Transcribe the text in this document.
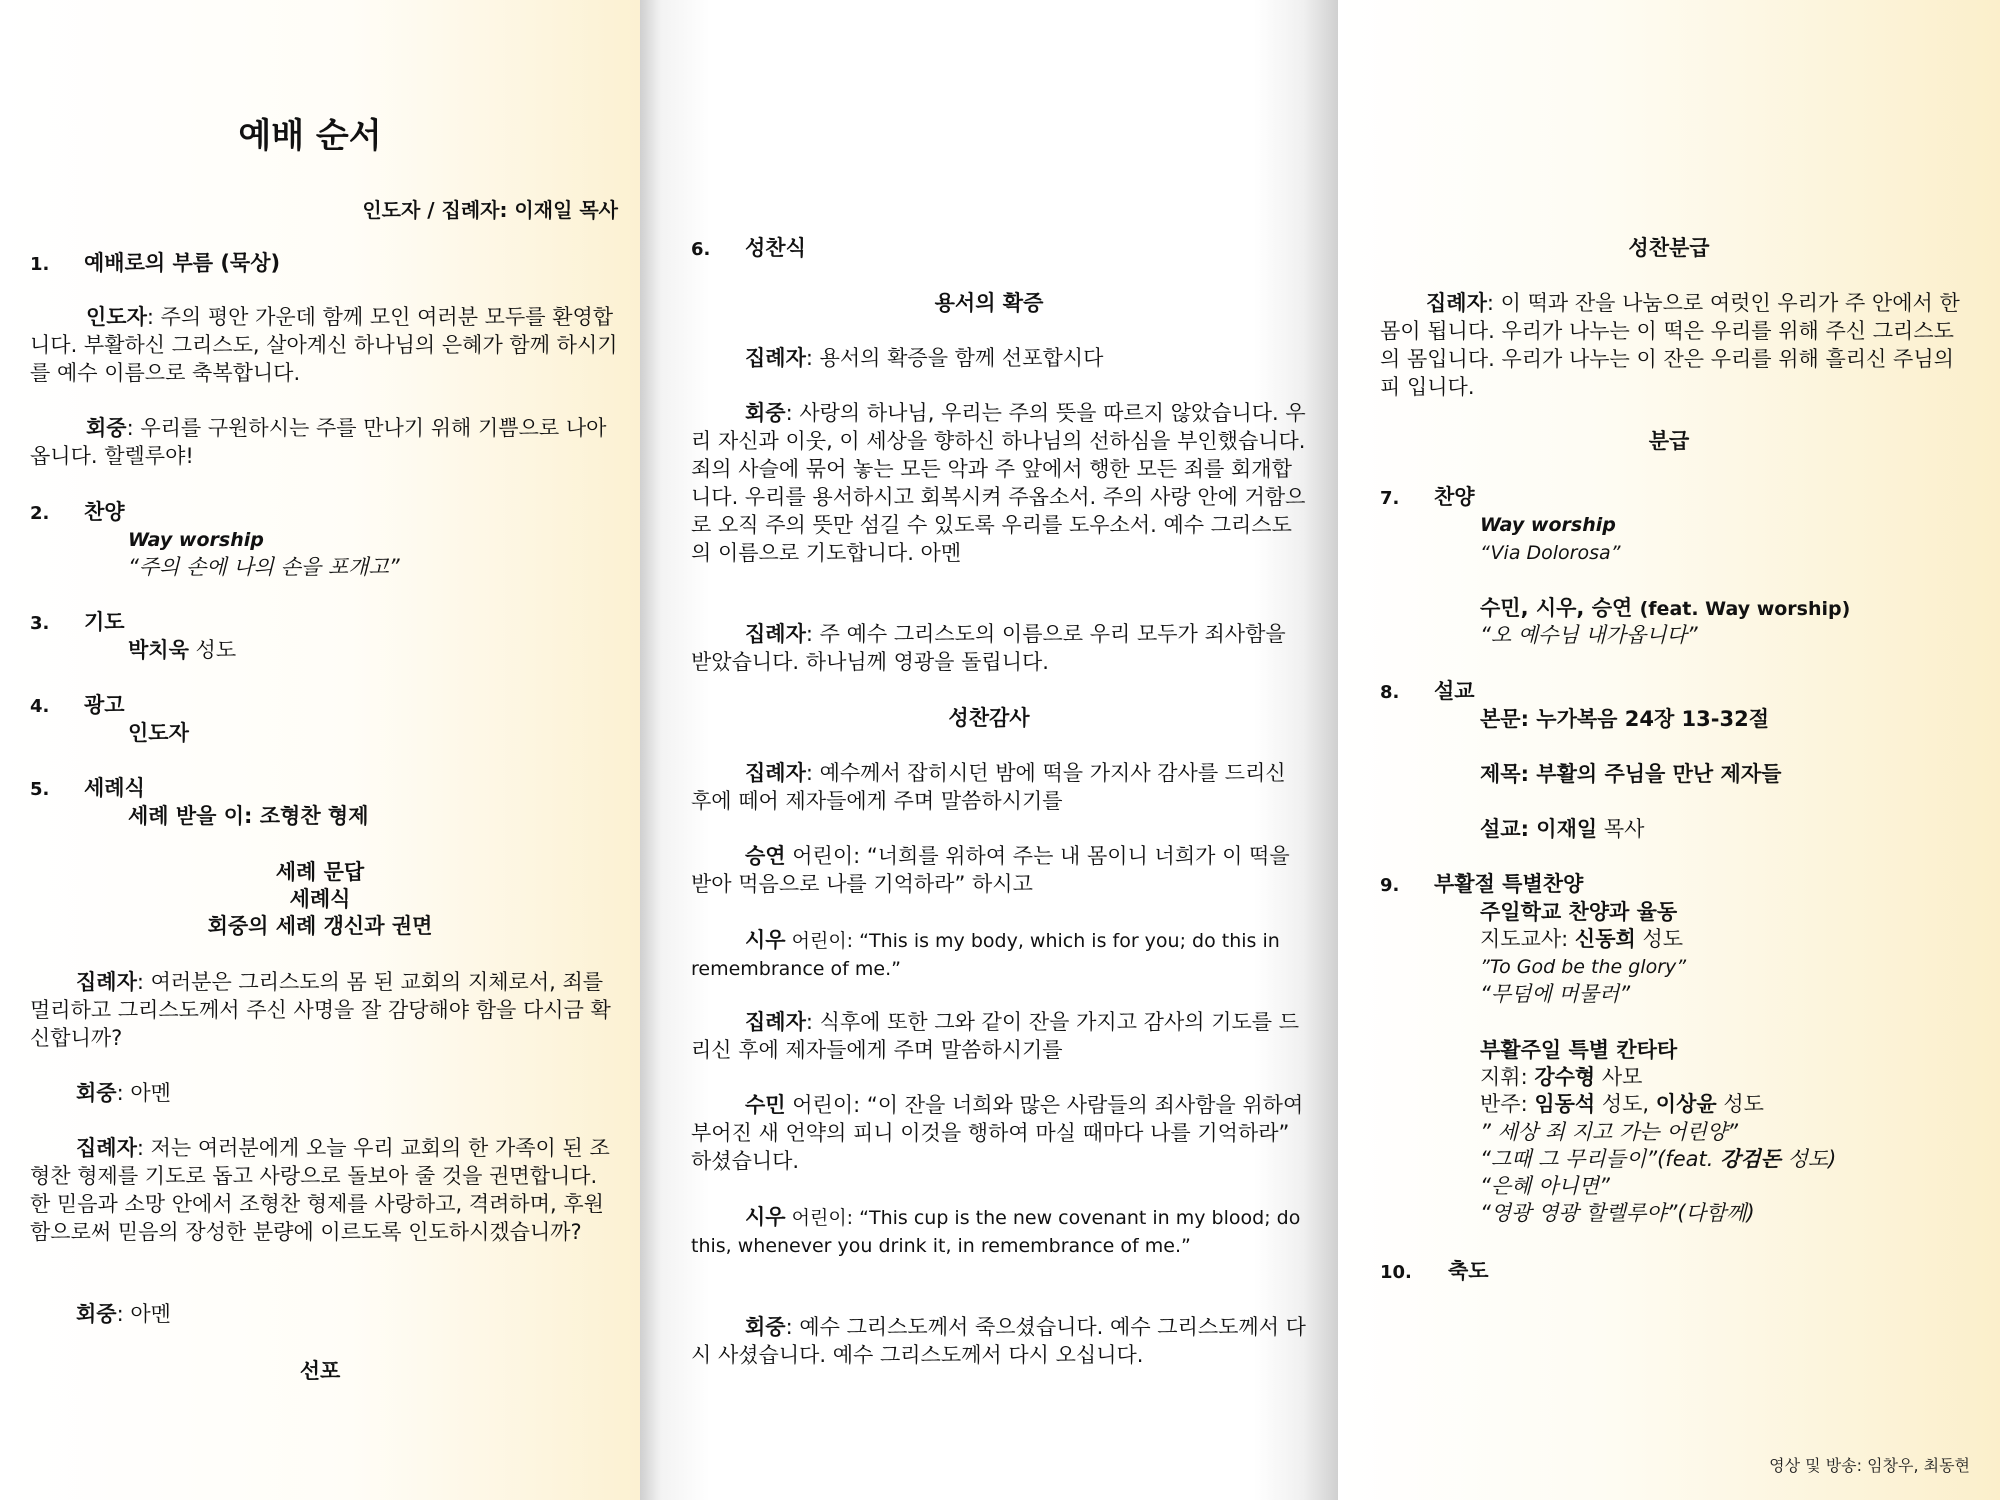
예배 순서
인도자 / 집례자: 이재일 목사
1. 예배로의 부름 (묵상)
인도자: 주의 평안 가운데 함께 모인 여러분 모두를 환영합니다. 부활하신 그리스도, 살아계신 하나님의 은혜가 함께 하시기를 예수 이름으로 축복합니다.
회중: 우리를 구원하시는 주를 만나기 위해 기쁨으로 나아옵니다. 할렐루야!
2. 찬양
Way worship
“주의 손에 나의 손을 포개고”
3. 기도
박치욱 성도
4. 광고
인도자
5. 세례식
세례 받을 이: 조형찬 형제
세례 문답
세례식
회중의 세례 갱신과 권면
집례자: 여러분은 그리스도의 몸 된 교회의 지체로서, 죄를 멀리하고 그리스도께서 주신 사명을 잘 감당해야 함을 다시금 확신합니까?
회중: 아멘
집례자: 저는 여러분에게 오늘 우리 교회의 한 가족이 된 조형찬 형제를 기도로 돕고 사랑으로 돌보아 줄 것을 권면합니다. 한 믿음과 소망 안에서 조형찬 형제를 사랑하고, 격려하며, 후원함으로써 믿음의 장성한 분량에 이르도록 인도하시겠습니까?
회중: 아멘
선포
6. 성찬식
용서의 확증
집례자: 용서의 확증을 함께 선포합시다
회중: 사랑의 하나님, 우리는 주의 뜻을 따르지 않았습니다. 우리 자신과 이웃, 이 세상을 향하신 하나님의 선하심을 부인했습니다. 죄의 사슬에 묶어 놓는 모든 악과 주 앞에서 행한 모든 죄를 회개합니다. 우리를 용서하시고 회복시켜 주옵소서. 주의 사랑 안에 거함으로 오직 주의 뜻만 섬길 수 있도록 우리를 도우소서. 예수 그리스도의 이름으로 기도합니다. 아멘
집례자: 주 예수 그리스도의 이름으로 우리 모두가 죄사함을 받았습니다. 하나님께 영광을 돌립니다.
성찬감사
집례자: 예수께서 잡히시던 밤에 떡을 가지사 감사를 드리신 후에 떼어 제자들에게 주며 말씀하시기를
승연 어린이: “너희를 위하여 주는 내 몸이니 너희가 이 떡을 받아 먹음으로 나를 기억하라” 하시고
시우 어린이: “This is my body, which is for you; do this in remembrance of me.”
집례자: 식후에 또한 그와 같이 잔을 가지고 감사의 기도를 드리신 후에 제자들에게 주며 말씀하시기를
수민 어린이: “이 잔을 너희와 많은 사람들의 죄사함을 위하여 부어진 새 언약의 피니 이것을 행하여 마실 때마다 나를 기억하라” 하셨습니다.
시우 어린이: “This cup is the new covenant in my blood; do this, whenever you drink it, in remembrance of me.”
회중: 예수 그리스도께서 죽으셨습니다. 예수 그리스도께서 다시 사셨습니다. 예수 그리스도께서 다시 오십니다.
성찬분급
집례자: 이 떡과 잔을 나눔으로 여럿인 우리가 주 안에서 한몸이 됩니다. 우리가 나누는 이 떡은 우리를 위해 주신 그리스도의 몸입니다. 우리가 나누는 이 잔은 우리를 위해 흘리신 주님의 피 입니다.
분급
7. 찬양
Way worship
“Via Dolorosa”
수민, 시우, 승연 (feat. Way worship)
“오 예수님 내가옵니다”
8. 설교
본문: 누가복음 24장 13-32절
제목: 부활의 주님을 만난 제자들
설교: 이재일 목사
9. 부활절 특별찬양
주일학교 찬양과 율동
지도교사: 신동희 성도
”To God be the glory”
“무덤에 머물러”
부활주일 특별 칸타타
지휘: 강수형 사모
반주: 임동석 성도, 이상윤 성도
” 세상 죄 지고 가는 어린양”
“그때 그 무리들이”(feat. 강검돈 성도)
“은혜 아니면”
“영광 영광 할렐루야”(다함께)
10. 축도
영상 및 방송: 임창우, 최동현
